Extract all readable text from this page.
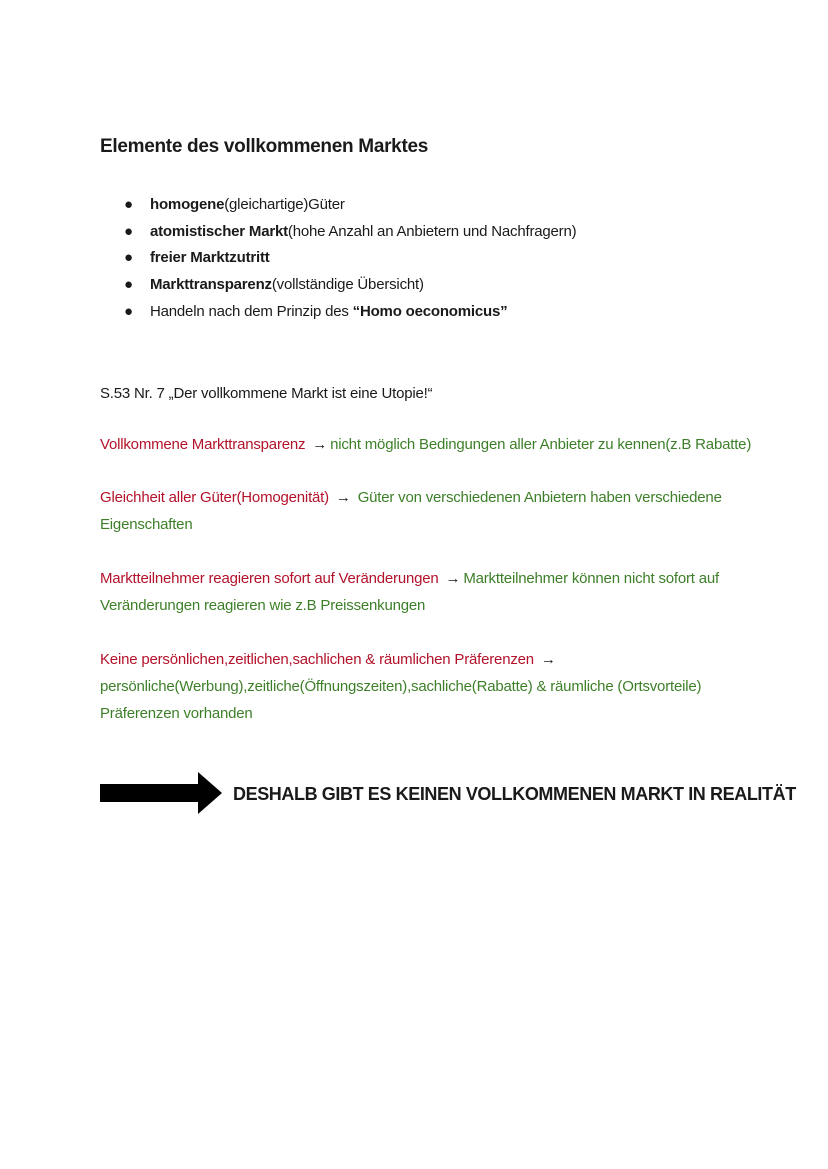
Elemente des vollkommenen Marktes
●	homogene(gleichartige)Güter
●	atomistischer Markt(hohe Anzahl an Anbietern und Nachfragern)
●	freier Marktzutritt
●	Markttransparenz(vollständige Übersicht)
●	Handeln nach dem Prinzip des “Homo oeconomicus”
S.53 Nr. 7 „Der vollkommene Markt ist eine Utopie!“
Vollkommene Markttransparenz → nicht möglich Bedingungen aller Anbieter zu kennen(z.B Rabatte)
Gleichheit aller Güter(Homogenität) → Güter von verschiedenen Anbietern haben verschiedene
Eigenschaften
Marktteilnehmer reagieren sofort auf Veränderungen → Marktteilnehmer können nicht sofort auf
Veränderungen reagieren wie z.B Preissenkungen
Keine persönlichen,zeitlichen,sachlichen & räumlichen Präferenzen →
persönliche(Werbung),zeitliche(Öffnungszeiten),sachliche(Rabatte) & räumliche (Ortsvorteile)
Präferenzen vorhanden
DESHALB GIBT ES KEINEN VOLLKOMMENEN MARKT IN REALITÄT
